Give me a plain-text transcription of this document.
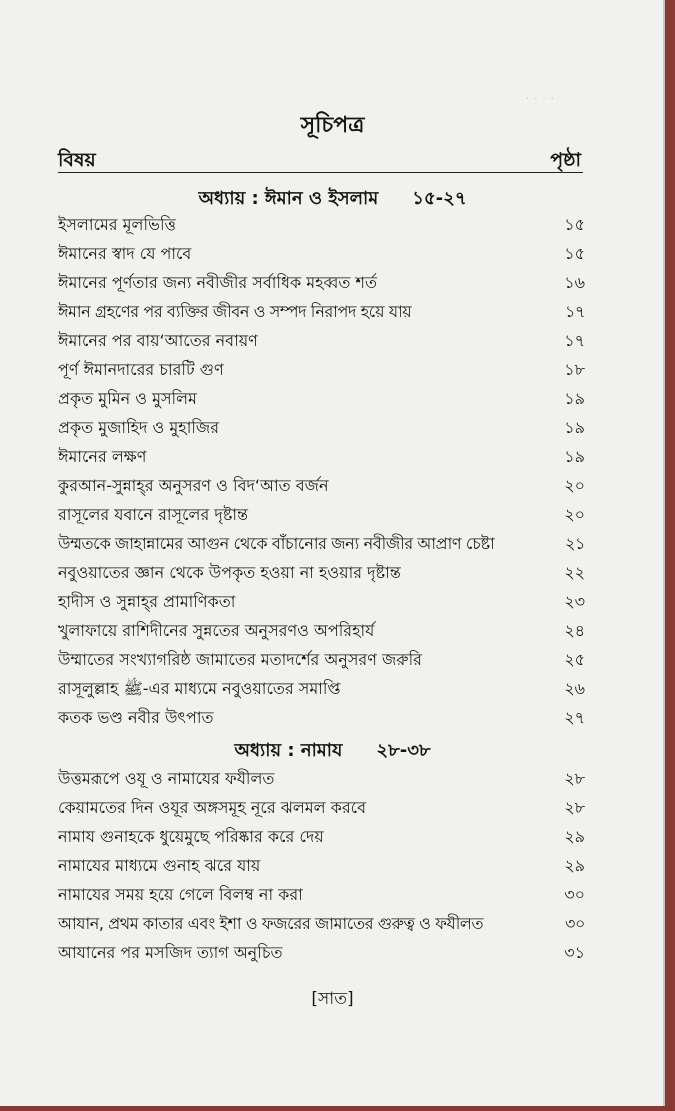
· · · ·
সূচিপত্র
বিষয়	পৃষ্ঠা
অধ্যায় : ঈমান ও ইসলাম ১৫-২৭
ইসলামের মূলভিত্তি	১৫
ঈমানের স্বাদ যে পাবে	১৫
ঈমানের পূর্ণতার জন্য নবীজীর সর্বাধিক মহব্বত শর্ত	১৬
ঈমান গ্রহণের পর ব্যক্তির জীবন ও সম্পদ নিরাপদ হয়ে যায়	১৭
ঈমানের পর বায়‘আতের নবায়ণ	১৭
পূর্ণ ঈমানদারের চারটি গুণ	১৮
প্রকৃত মুমিন ও মুসলিম	১৯
প্রকৃত মুজাহিদ ও মুহাজির	১৯
ঈমানের লক্ষণ	১৯
কুরআন-সুন্নাহ্‌র অনুসরণ ও বিদ‘আত বর্জন	২০
রাসূলের যবানে রাসূলের দৃষ্টান্ত	২০
উম্মতকে জাহান্নামের আগুন থেকে বাঁচানোর জন্য নবীজীর আপ্রাণ চেষ্টা	২১
নবুওয়াতের জ্ঞান থেকে উপকৃত হওয়া না হওয়ার দৃষ্টান্ত	২২
হাদীস ও সুন্নাহ্‌র প্রামাণিকতা	২৩
খুলাফায়ে রাশিদীনের সুন্নতের অনুসরণও অপরিহার্য	২৪
উম্মাতের সংখ্যাগরিষ্ঠ জামাতের মতাদর্শের অনুসরণ জরুরি	২৫
রাসূলুল্লাহ ﷺ-এর মাধ্যমে নবুওয়াতের সমাপ্তি	২৬
কতক ভণ্ড নবীর উৎপাত	২৭
অধ্যায় : নামায ২৮-৩৮
উত্তমরূপে ওযূ ও নামাযের ফযীলত	২৮
কেয়ামতের দিন ওযূর অঙ্গসমূহ নূরে ঝলমল করবে	২৮
নামায গুনাহকে ধুয়েমুছে পরিষ্কার করে দেয়	২৯
নামাযের মাধ্যমে গুনাহ ঝরে যায়	২৯
নামাযের সময় হয়ে গেলে বিলম্ব না করা	৩০
আযান, প্রথম কাতার এবং ইশা ও ফজরের জামাতের গুরুত্ব ও ফযীলত	৩০
আযানের পর মসজিদ ত্যাগ অনুচিত	৩১
[সাত]
